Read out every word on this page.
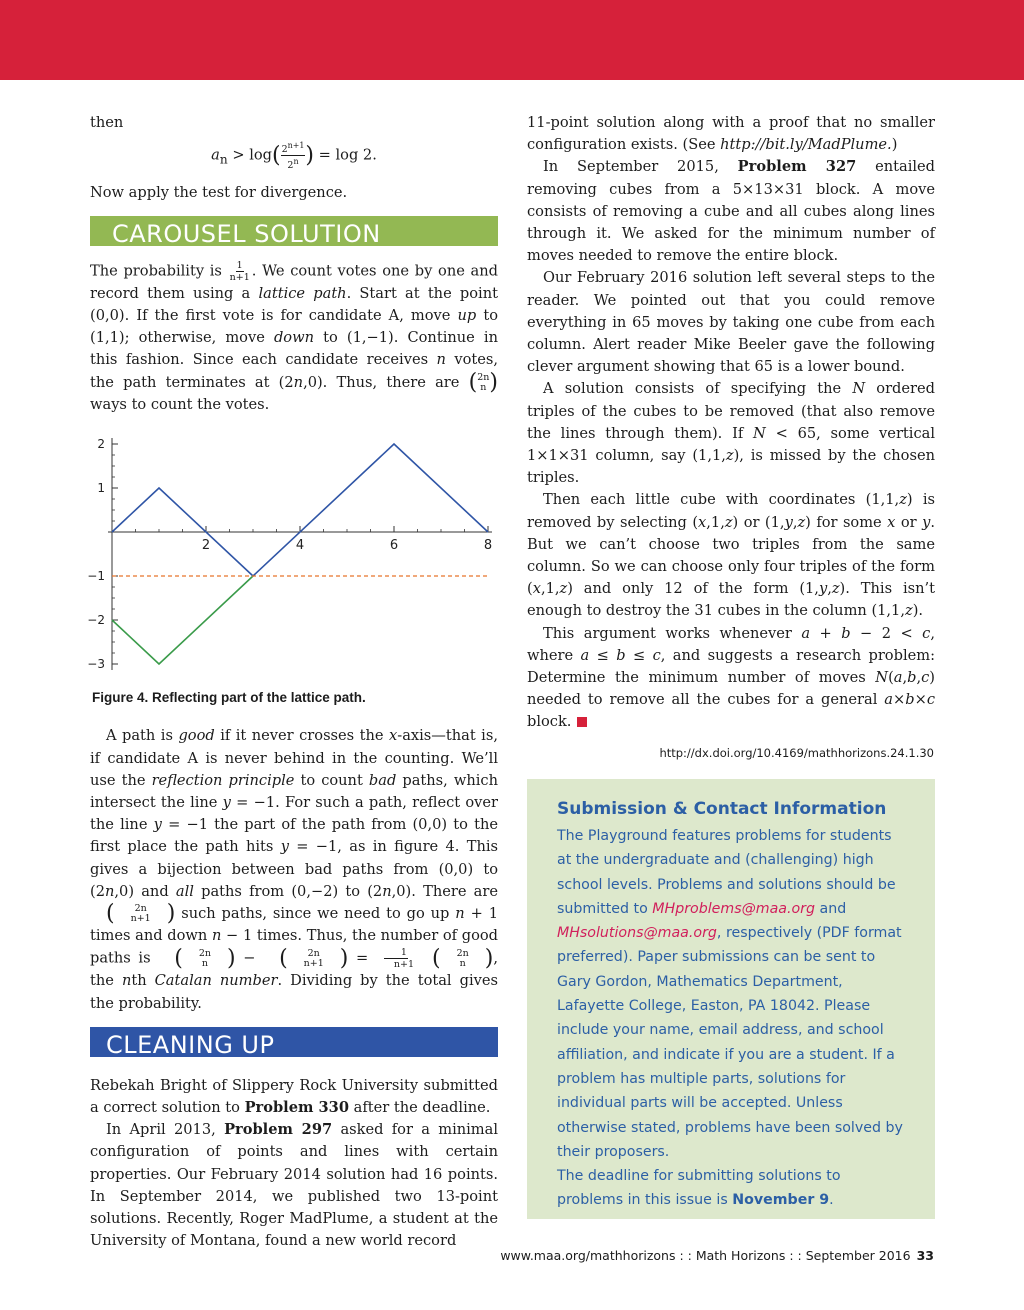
then

$a_n > \log$ ( $\frac{2^{n+1}}{2^n}$ ) = log 2.

Now apply the test for divergence.

CAROUSEL SOLUTION

The probability is $\frac{1}{n+1}$ . We count votes one by one and record them using a lattice path. Start at the point (0,0). If the first vote is for candidate A, move up to (1,1); otherwise, move down to (1,−1). Continue in this fashion. Since each candidate receives n votes, the path terminates at (2n,0). Thus, there are ( 2n
n )
ways to count the votes.

2
1
−1
−2
−3
2	4	6	8
Figure 4. Reflecting part of the lattice path.

A path is good if it never crosses the x-axis—that is, if candidate A is never behind in the counting. We’ll use the reflection principle to count bad paths, which intersect the line y = −1. For such a path, reflect over the line y = −1 the part of the path from (0,0) to the first place the path hits y = −1, as in figure 4. This gives a bijection between bad paths from (0,0) to (2n,0) and all paths from (0,−2) to (2n,0). There are
(	2n
n+1 ) such paths, since we need to go up n + 1 times and down n − 1 times. Thus, the number of good paths is (	2n
n ) − (	2n
n+1 ) = $\frac{1}{n+1}$ (	2n
n ) , the nth Catalan number. Dividing by the total gives the probability.

CLEANING UP

Rebekah Bright of Slippery Rock University submitted a correct solution to Problem 330 after the deadline.

In April 2013, Problem 297 asked for a minimal configuration of points and lines with certain properties. Our February 2014 solution had 16 points. In September 2014, we published two 13-point solutions. Recently, Roger MadPlume, a student at the University of Montana, found a new world record

11-point solution along with a proof that no smaller configuration exists. (See http://bit.ly/MadPlume.)

In September 2015, Problem 327 entailed removing cubes from a 5×13×31 block. A move consists of removing a cube and all cubes along lines through it. We asked for the minimum number of moves needed to remove the entire block.

Our February 2016 solution left several steps to the reader. We pointed out that you could remove everything in 65 moves by taking one cube from each column. Alert reader Mike Beeler gave the following clever argument showing that 65 is a lower bound.

A solution consists of specifying the N ordered triples of the cubes to be removed (that also remove the lines through them). If N < 65, some vertical 1×1×31 column, say (1,1,z), is missed by the chosen triples.

Then each little cube with coordinates (1,1,z) is removed by selecting (x,1,z) or (1,y,z) for some x or y. But we can’t choose two triples from the same column. So we can choose only four triples of the form (x,1,z) and only 12 of the form (1,y,z). This isn’t enough to destroy the 31 cubes in the column (1,1,z).

This argument works whenever a + b − 2 < c, where a ≤ b ≤ c, and suggests a research problem: Determine the minimum number of moves N(a,b,c) needed to remove all the cubes for a general a×b×c block.

http://dx.doi.org/10.4169/mathhorizons.24.1.30
Submission & Contact Information
The Playground features problems for students at the undergraduate and (challenging) high school levels. Problems and solutions should be submitted to MHproblems@maa.org and MHsolutions@maa.org, respectively (PDF format preferred). Paper submissions can be sent to Gary Gordon, Mathematics Department, Lafayette College, Easton, PA 18042. Please include your name, email address, and school affiliation, and indicate if you are a student. If a problem has multiple parts, solutions for individual parts will be accepted. Unless otherwise stated, problems have been solved by their proposers.
The deadline for submitting solutions to problems in this issue is November 9.
www.maa.org/mathhorizons : : Math Horizons : : September 2016 33
